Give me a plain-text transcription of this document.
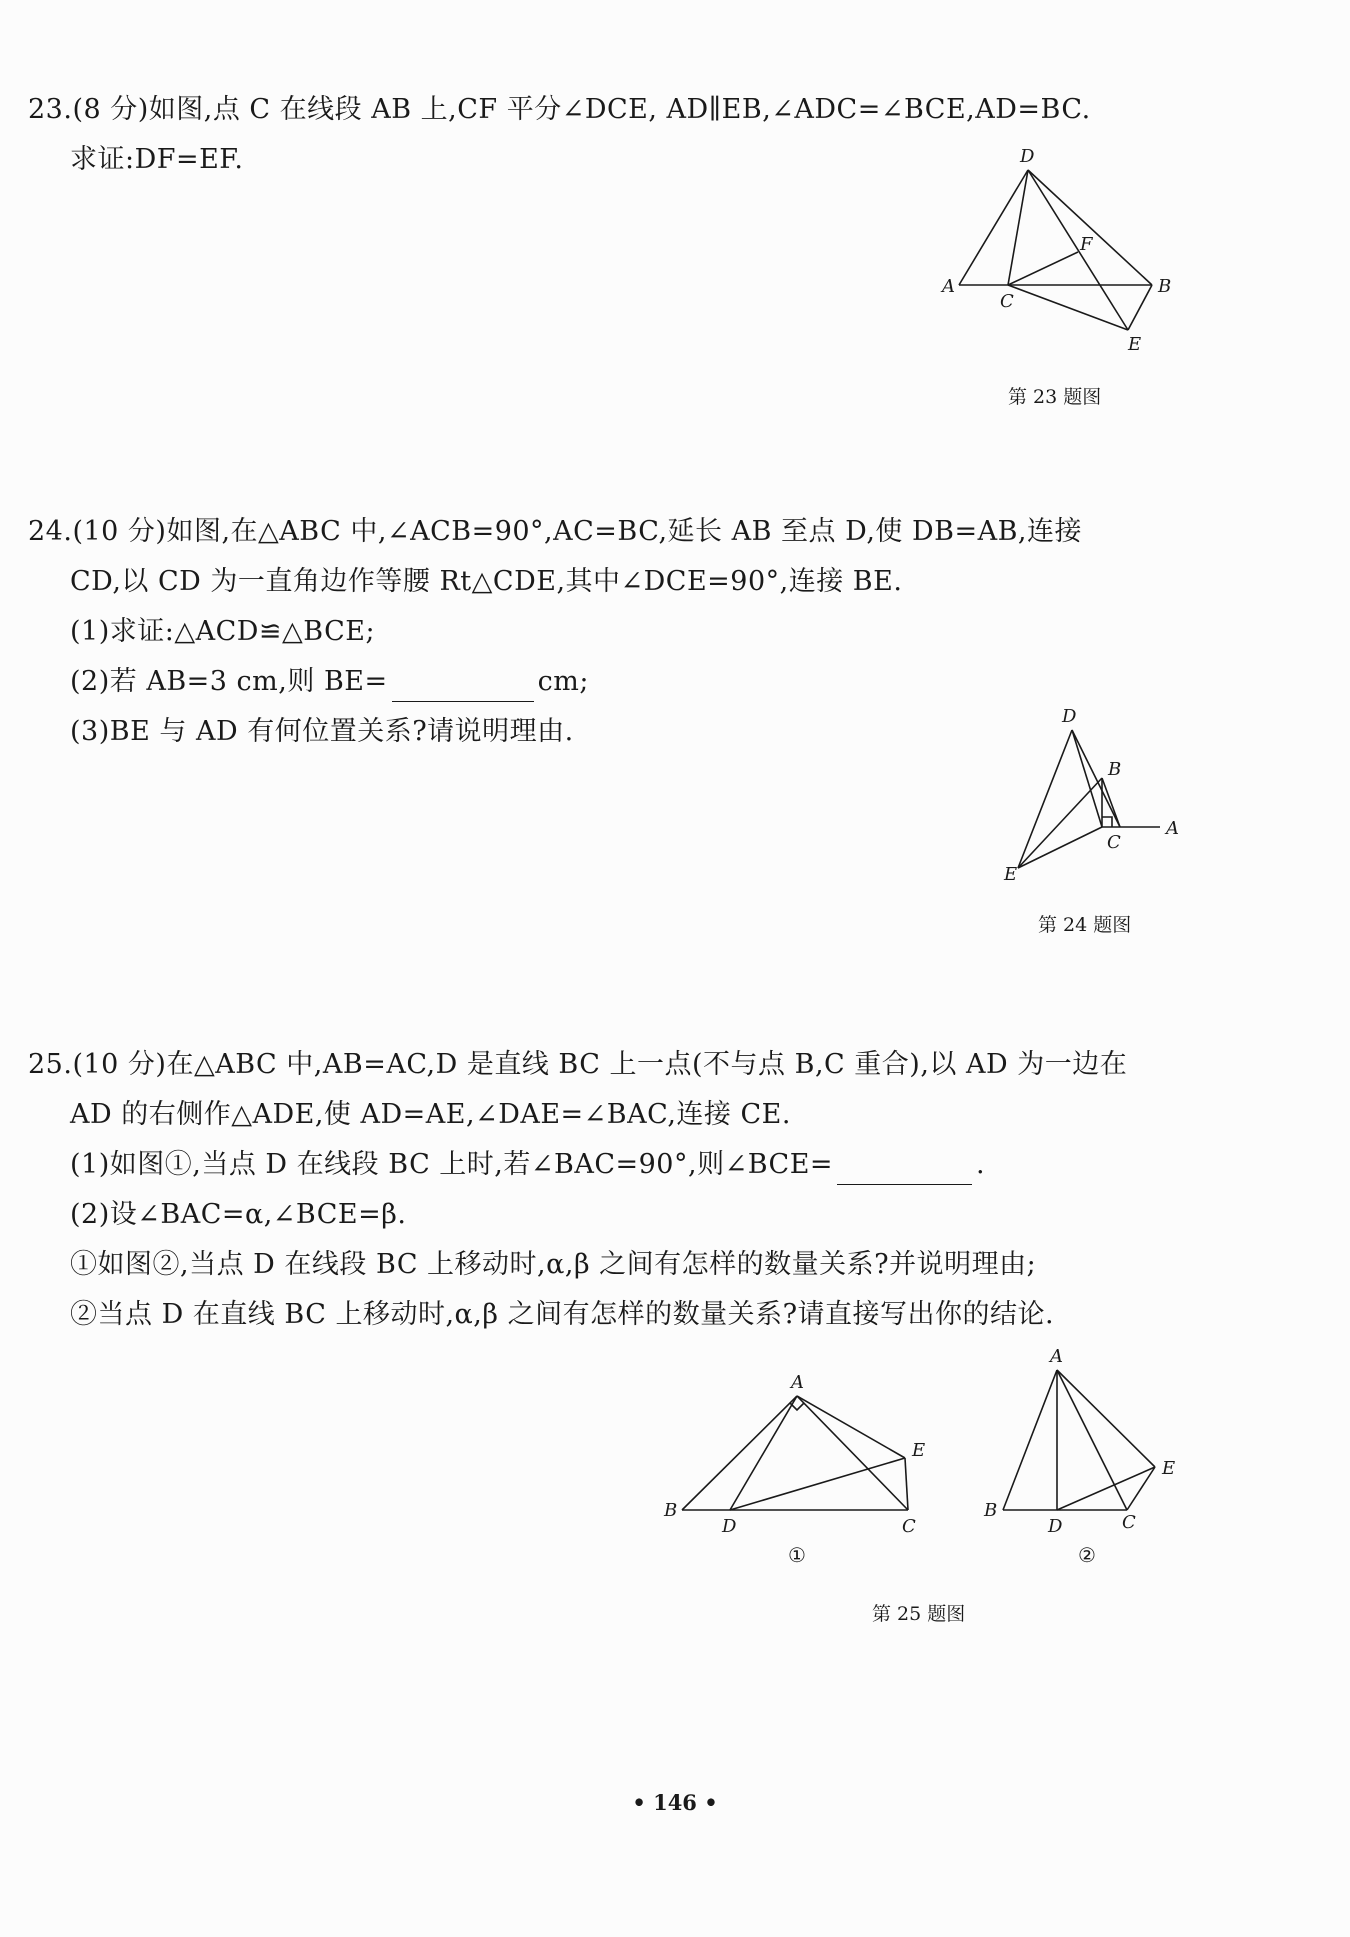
23.(8 分)如图,点 C 在线段 AB 上,CF 平分∠DCE, AD∥EB,∠ADC=∠BCE,AD=BC.
求证:DF=EF.	D
F
A
C
B
E
第 23 题图
24.(10 分)如图,在△ABC 中,∠ACB=90°,AC=BC,延长 AB 至点 D,使 DB=AB,连接
CD,以 CD 为一直角边作等腰 Rt△CDE,其中∠DCE=90°,连接 BE.
(1)求证:△ACD≌△BCE;
(2)若 AB=3 cm,则 BE=	cm;
(3)BE 与 AD 有何位置关系?请说明理由.	D
B
A
C
E
第 24 题图
25.(10 分)在△ABC 中,AB=AC,D 是直线 BC 上一点(不与点 B,C 重合),以 AD 为一边在
AD 的右侧作△ADE,使 AD=AE,∠DAE=∠BAC,连接 CE.
(1)如图①,当点 D 在线段 BC 上时,若∠BAC=90°,则∠BCE=	.
(2)设∠BAC=α,∠BCE=β.
①如图②,当点 D 在线段 BC 上移动时,α,β 之间有怎样的数量关系?并说明理由;
②当点 D 在直线 BC 上移动时,α,β 之间有怎样的数量关系?请直接写出你的结论.
A
E
B
D	C
①
A
E
B
D	C
②
第 25 题图
• 146 •
